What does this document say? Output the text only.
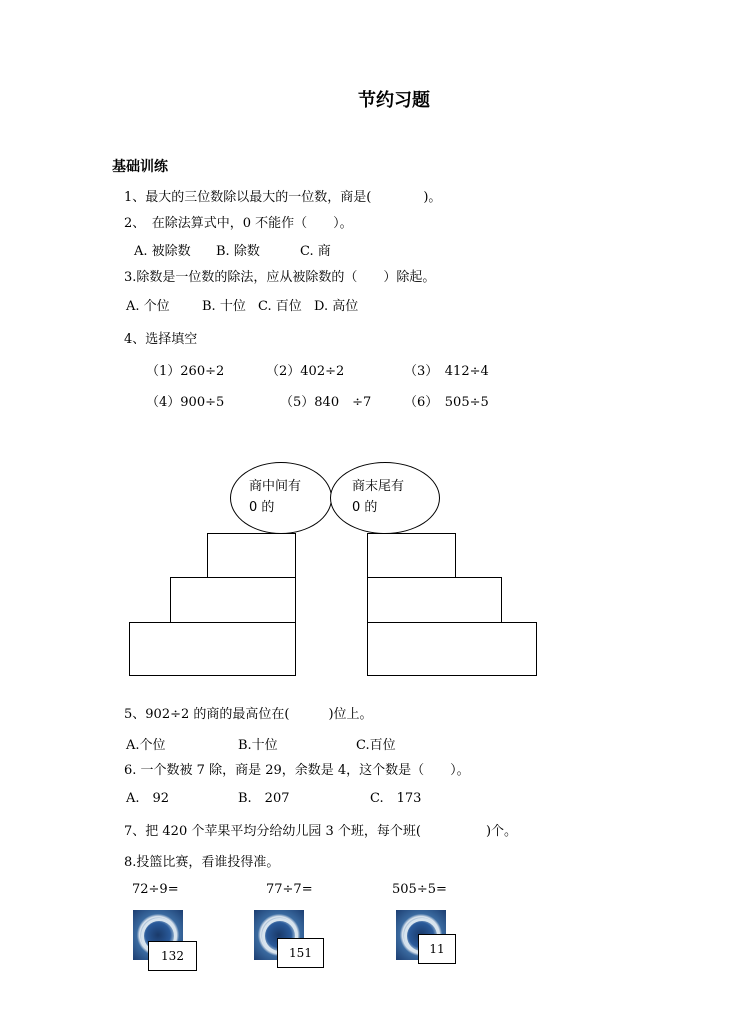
节约习题
基础训练
1、最大的三位数除以最大的一位数，商是(　　　　)。
2、　在除法算式中，0 不能作（　　）。
A. 被除数 B. 除数	C. 商
3.除数是一位数的除法，应从被除数的（　　）除起。
A. 个位 B. 十位 C. 百位 D. 高位
4、选择填空
（1）260÷2	（2）402÷2	（3）　412÷4
（4）900÷5	（5）840　÷7	（6）　505÷5
商中间有
0 的
商末尾有
0 的
5、902÷2 的商的最高位在(　　　)位上。
A.个位	B.十位	C.百位
6. 一个数被 7 除，商是 29，余数是 4，这个数是（　　）。
A.　92	B.　207	C.　173
7、把 420 个苹果平均分给幼儿园 3 个班，每个班(　　　　　)个。
8.投篮比赛，看谁投得准。
72÷9=	77÷7=	505÷5=
132	151	11
